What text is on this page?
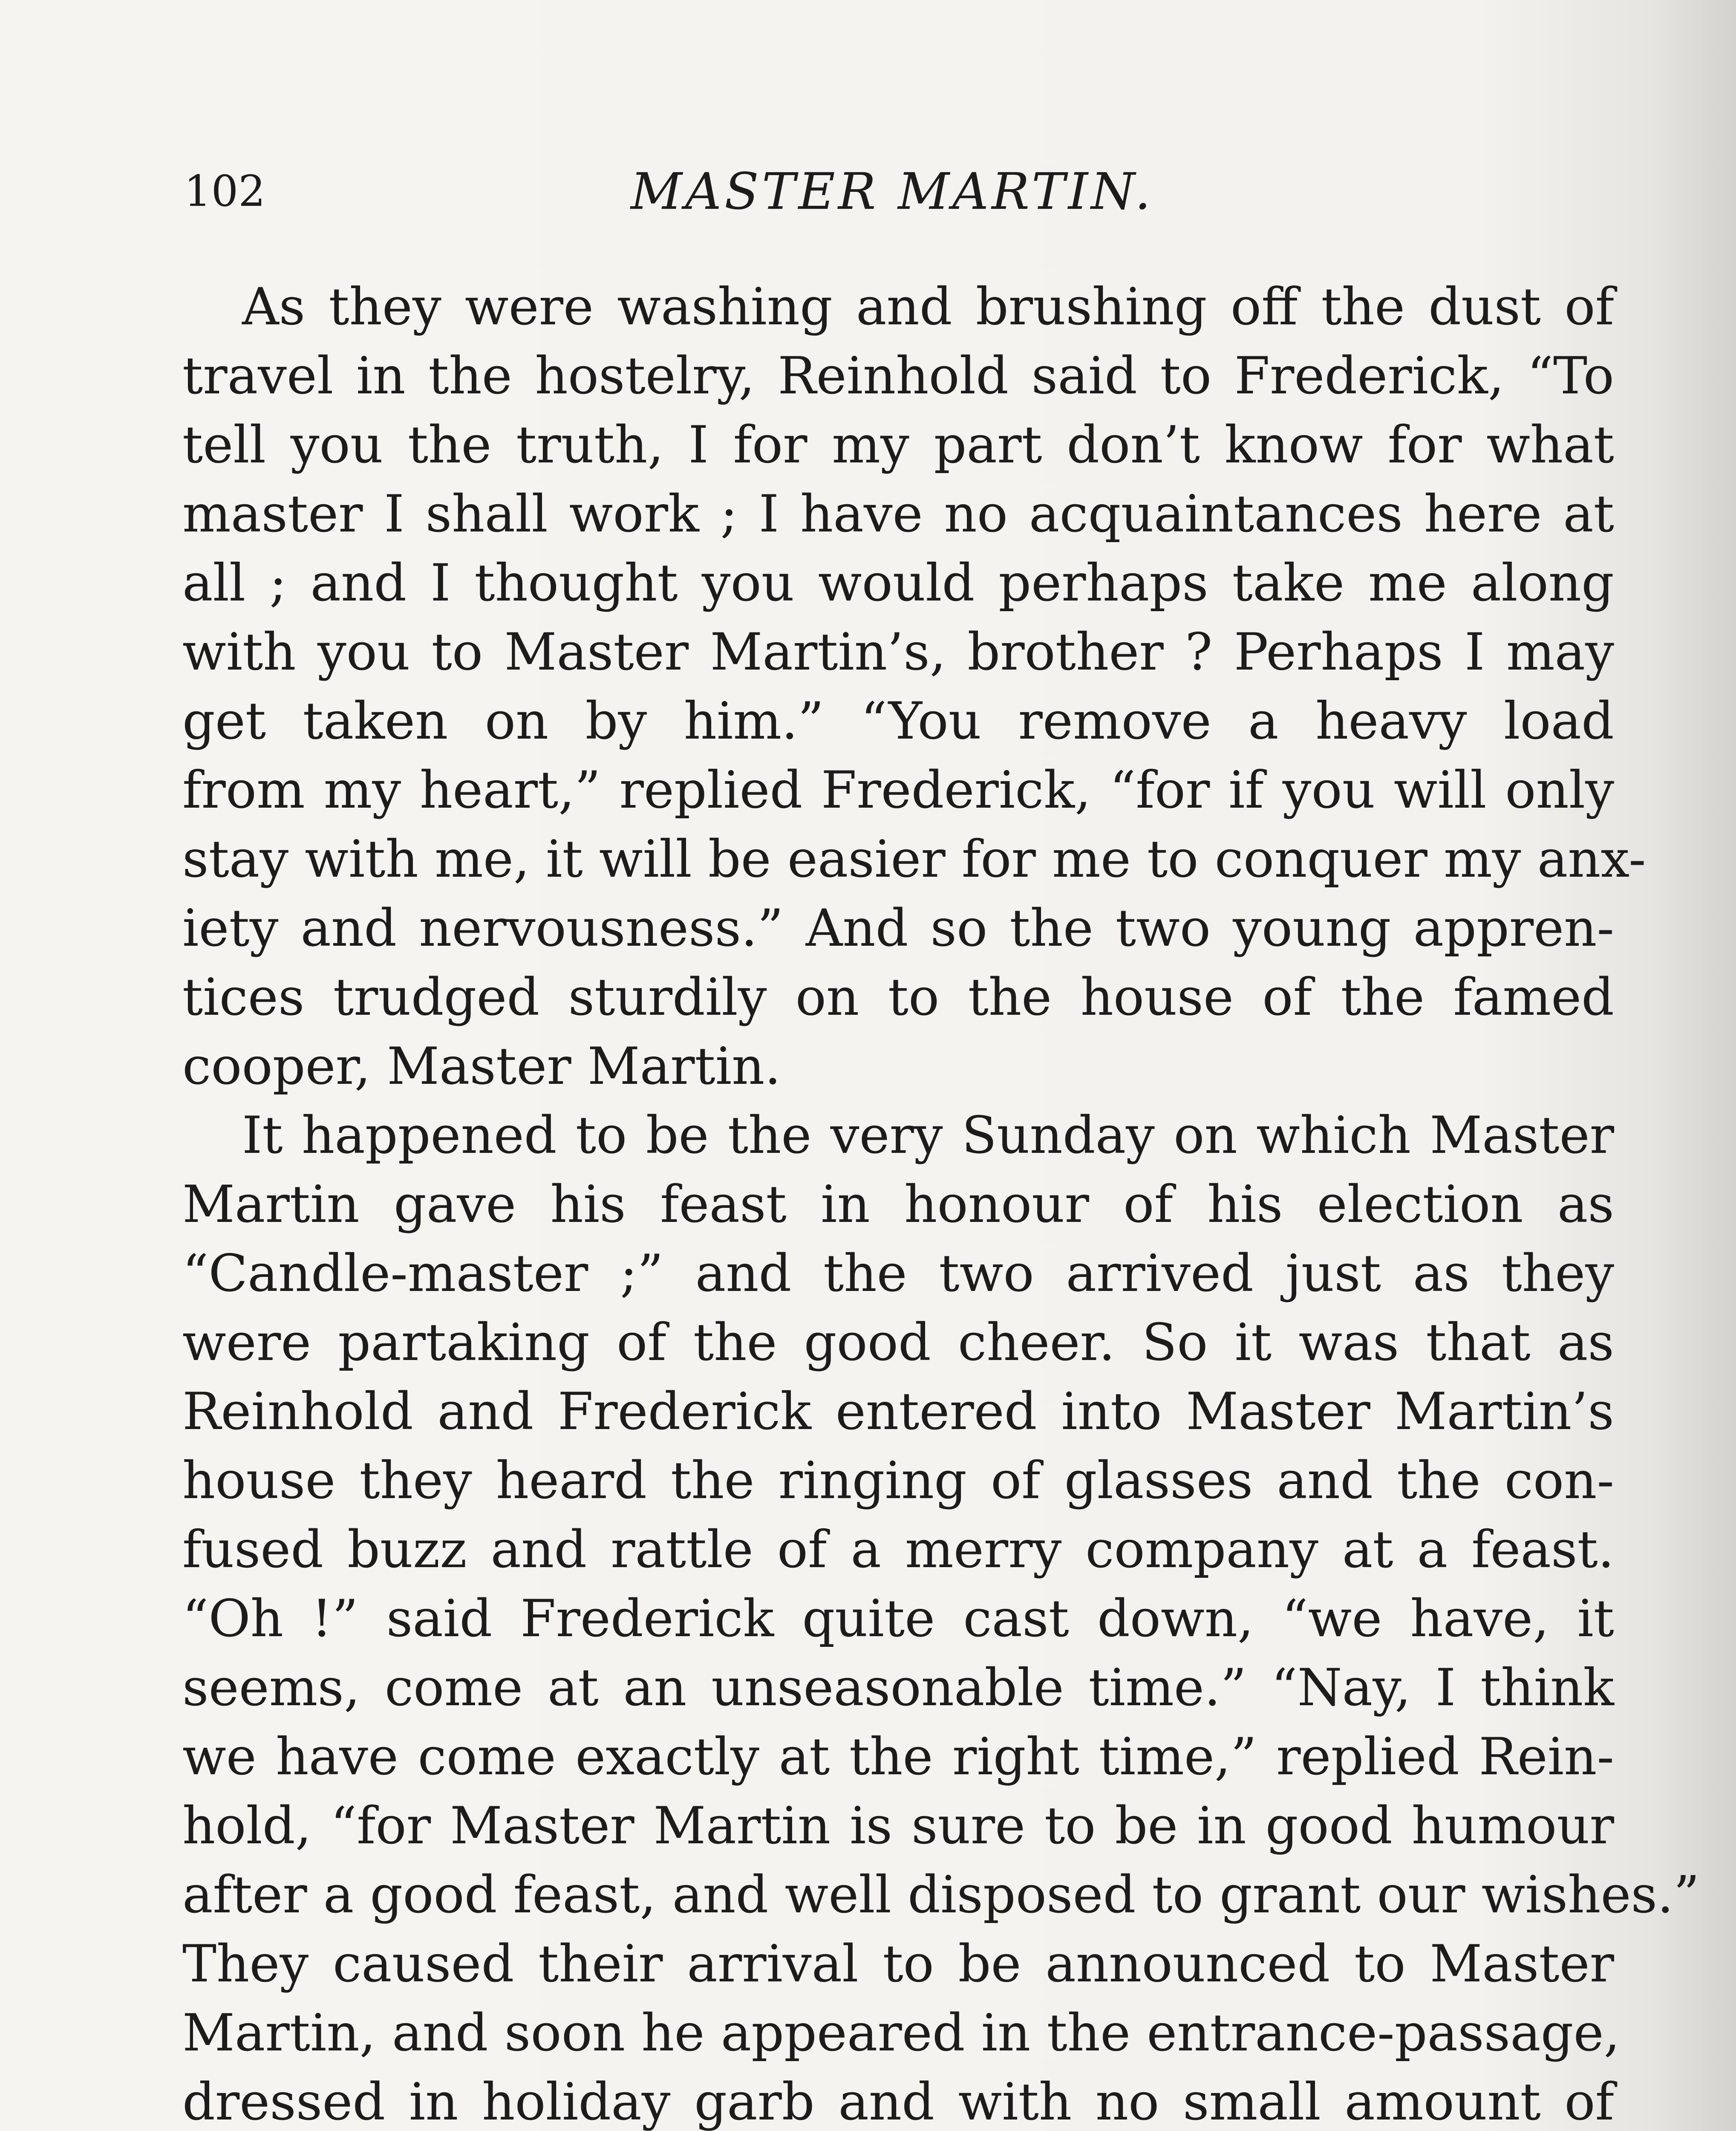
102	MASTER MARTIN.
As they were washing and brushing off the dust of
travel in the hostelry, Reinhold said to Frederick, “To
tell you the truth, I for my part don’t know for what
master I shall work ; I have no acquaintances here at
all ; and I thought you would perhaps take me along
with you to Master Martin’s, brother ? Perhaps I may
get taken on by him.” “You remove a heavy load
from my heart,” replied Frederick, “for if you will only
stay with me, it will be easier for me to conquer my anx-
iety and nervousness.” And so the two young appren-
tices trudged sturdily on to the house of the famed
cooper, Master Martin.
It happened to be the very Sunday on which Master
Martin gave his feast in honour of his election as
“Candle-master ;” and the two arrived just as they
were partaking of the good cheer. So it was that as
Reinhold and Frederick entered into Master Martin’s
house they heard the ringing of glasses and the con-
fused buzz and rattle of a merry company at a feast.
“Oh !” said Frederick quite cast down, “we have, it
seems, come at an unseasonable time.” “Nay, I think
we have come exactly at the right time,” replied Rein-
hold, “for Master Martin is sure to be in good humour
after a good feast, and well disposed to grant our wishes.”
They caused their arrival to be announced to Master
Martin, and soon he appeared in the entrance-passage,
dressed in holiday garb and with no small amount of
